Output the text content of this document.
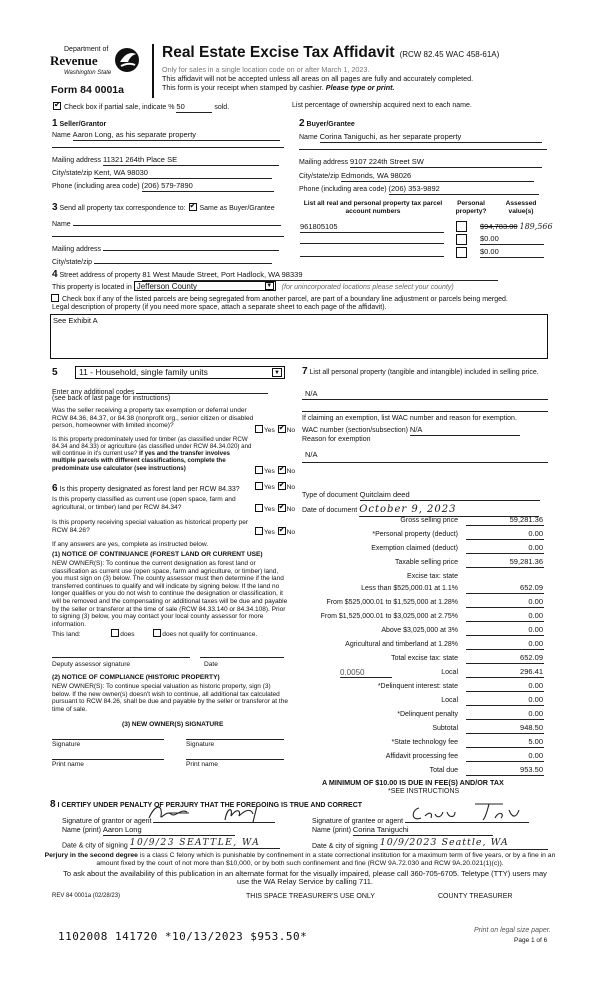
Department of
Revenue
Washington State
Form 84 0001a
Real Estate Excise Tax Affidavit (RCW 82.45 WAC 458-61A)
Only for sales in a single location code on or after March 1, 2023.
This affidavit will not be accepted unless all areas on all pages are fully and accurately completed.
This form is your receipt when stamped by cashier. Please type or print.
✔ Check box if partial sale, indicate % 50	sold.	List percentage of ownership acquired next to each name.
1 Seller/Grantor
Name Aaron Long, as his separate property
Mailing address 11321 264th Place SE
City/state/zip Kent, WA 98030
Phone (including area code) (206) 579-7890
2 Buyer/Grantee
Name Corina Taniguchi, as her separate property
Mailing address 9107 224th Street SW
City/state/zip Edmonds, WA 98026
Phone (including area code) (206) 353-9892
3 Send all property tax correspondence to: ✔ Same as Buyer/Grantee
Name
Mailing address
City/state/zip
List all real and personal property tax parcel account numbers
Personal property?
Assessed value(s)
961805105	$94,783.00 189,566
$0.00
$0.00
4 Street address of property 81 West Maude Street, Port Hadlock, WA 98339
This property is located in Jefferson County	▼ (for unincorporated locations please select your county)
Check box if any of the listed parcels are being segregated from another parcel, are part of a boundary line adjustment or parcels being merged.
Legal description of property (if you need more space, attach a separate sheet to each page of the affidavit).
See Exhibit A
5	11 - Household, single family units	▼
Enter any additional codes
(see back of last page for instructions)
Was the seller receiving a property tax exemption or deferral under RCW 84.36, 84.37, or 84.38 (nonprofit org., senior citizen or disabled person, homeowner with limited income)?
Yes ✔ No
Is this property predominately used for timber (as classified under RCW 84.34 and 84.33) or agriculture (as classified under RCW 84.34.020) and will continue in it's current use? If yes and the transfer involves multiple parcels with different classifications, complete the predominate use calculator (see instructions)	Yes ✔ No
6 Is this property designated as forest land per RCW 84.33?	Yes ✔ No
Is this property classified as current use (open space, farm and agricultural, or timber) land per RCW 84.34?	Yes ✔ No
Is this property receiving special valuation as historical property per RCW 84.26?	Yes ✔ No
If any answers are yes, complete as instructed below.
(1) NOTICE OF CONTINUANCE (FOREST LAND OR CURRENT USE)
NEW OWNER(S): To continue the current designation as forest land or classification as current use (open space, farm and agriculture, or timber) land, you must sign on (3) below. The county assessor must then determine if the land transferred continues to qualify and will indicate by signing below. If the land no longer qualifies or you do not wish to continue the designation or classification, it will be removed and the compensating or additional taxes will be due and payable by the seller or transferor at the time of sale (RCW 84.33.140 or 84.34.108). Prior to signing (3) below, you may contact your local county assessor for more information.
This land:	does	does not qualify for continuance.
Deputy assessor signature	Date
(2) NOTICE OF COMPLIANCE (HISTORIC PROPERTY)
NEW OWNER(S): To continue special valuation as historic property, sign (3) below. If the new owner(s) doesn't wish to continue, all additional tax calculated pursuant to RCW 84.26, shall be due and payable by the seller or transferor at the time of sale.
(3) NEW OWNER(S) SIGNATURE
Signature	Signature
Print name	Print name
7 List all personal property (tangible and intangible) included in selling price.
N/A
If claiming an exemption, list WAC number and reason for exemption.
WAC number (section/subsection) N/A
Reason for exemption
N/A
Type of document Quitclaim deed
Date of document October 9, 2023
Gross selling price	59,281.36
*Personal property (deduct)	0.00
Exemption claimed (deduct)	0.00
Taxable selling price	59,281.36
Excise tax: state
Less than $525,000.01 at 1.1%	652.09
From $525,000.01 to $1,525,000 at 1.28%	0.00
From $1,525,000.01 to $3,025,000 at 2.75%	0.00
Above $3,025,000 at 3%	0.00
Agricultural and timberland at 1.28%	0.00
Total excise tax: state	652.09
0.0050	Local	296.41
*Delinquent interest: state	0.00
Local	0.00
*Delinquent penalty	0.00
Subtotal	948.50
*State technology fee	5.00
Affidavit processing fee	0.00
Total due	953.50
A MINIMUM OF $10.00 IS DUE IN FEE(S) AND/OR TAX
*SEE INSTRUCTIONS
8 I CERTIFY UNDER PENALTY OF PERJURY THAT THE FOREGOING IS TRUE AND CORRECT
Signature of grantor or agent
Name (print) Aaron Long
Date & city of signing 10/9/23 SEATTLE, WA
Signature of grantee or agent
Name (print) Corina Taniguchi
Date & city of signing 10/9/2023 Seattle, WA
Perjury in the second degree is a class C felony which is punishable by confinement in a state correctional institution for a maximum term of five years, or by a fine in an amount fixed by the court of not more than $10,000, or by both such confinement and fine (RCW 9A.72.030 and RCW 9A.20.021(1)(c)).
To ask about the availability of this publication in an alternate format for the visually impaired, please call 360-705-6705. Teletype (TTY) users may use the WA Relay Service by calling 711.
REV 84 0001a (02/28/23)	THIS SPACE TREASURER'S USE ONLY	COUNTY TREASURER
1102008 141720 *10/13/2023 $953.50*	Print on legal size paper.
Page 1 of 6
